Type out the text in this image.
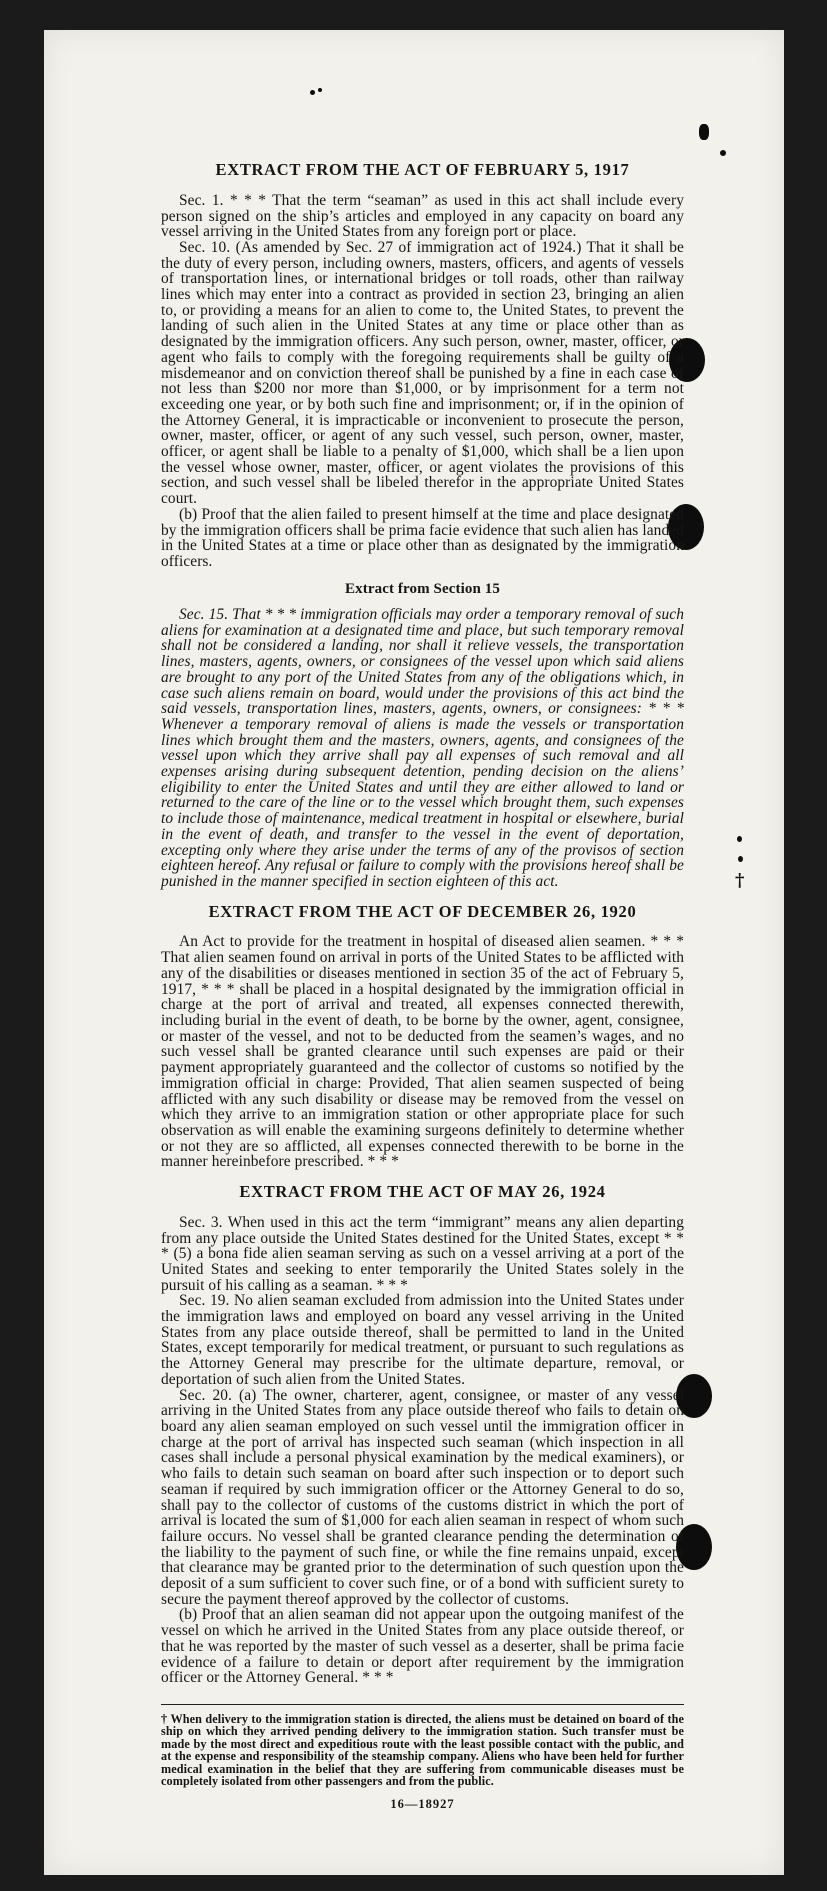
†
EXTRACT FROM THE ACT OF FEBRUARY 5, 1917

Sec. 1. * * * That the term “seaman” as used in this act shall include every person signed on the ship’s articles and employed in any capacity on board any vessel arriving in the United States from any foreign port or place.

Sec. 10. (As amended by Sec. 27 of immigration act of 1924.) That it shall be the duty of every person, including owners, masters, officers, and agents of vessels of transportation lines, or international bridges or toll roads, other than railway lines which may enter into a contract as provided in section 23, bringing an alien to, or providing a means for an alien to come to, the United States, to prevent the landing of such alien in the United States at any time or place other than as designated by the immigration officers. Any such person, owner, master, officer, or agent who fails to comply with the foregoing requirements shall be guilty of a misdemeanor and on conviction thereof shall be punished by a fine in each case of not less than $200 nor more than $1,000, or by imprisonment for a term not exceeding one year, or by both such fine and imprisonment; or, if in the opinion of the Attorney General, it is impracticable or inconvenient to prosecute the person, owner, master, officer, or agent of any such vessel, such person, owner, master, officer, or agent shall be liable to a penalty of $1,000, which shall be a lien upon the vessel whose owner, master, officer, or agent violates the provisions of this section, and such vessel shall be libeled therefor in the appropriate United States court.

(b) Proof that the alien failed to present himself at the time and place designated by the immigration officers shall be prima facie evidence that such alien has landed in the United States at a time or place other than as designated by the immigration officers.

Extract from Section 15

Sec. 15. That * * * immigration officials may order a temporary removal of such aliens for examination at a designated time and place, but such temporary removal shall not be considered a landing, nor shall it relieve vessels, the transportation lines, masters, agents, owners, or consignees of the vessel upon which said aliens are brought to any port of the United States from any of the obligations which, in case such aliens remain on board, would under the provisions of this act bind the said vessels, transportation lines, masters, agents, owners, or consignees: * * * Whenever a temporary removal of aliens is made the vessels or transportation lines which brought them and the masters, owners, agents, and consignees of the vessel upon which they arrive shall pay all expenses of such removal and all expenses arising during subsequent detention, pending decision on the aliens’ eligibility to enter the United States and until they are either allowed to land or returned to the care of the line or to the vessel which brought them, such expenses to include those of maintenance, medical treatment in hospital or elsewhere, burial in the event of death, and transfer to the vessel in the event of deportation, excepting only where they arise under the terms of any of the provisos of section eighteen hereof. Any refusal or failure to comply with the provisions hereof shall be punished in the manner specified in section eighteen of this act.

EXTRACT FROM THE ACT OF DECEMBER 26, 1920

An Act to provide for the treatment in hospital of diseased alien seamen. * * * That alien seamen found on arrival in ports of the United States to be afflicted with any of the disabilities or diseases mentioned in section 35 of the act of February 5, 1917, * * * shall be placed in a hospital designated by the immigration official in charge at the port of arrival and treated, all expenses connected therewith, including burial in the event of death, to be borne by the owner, agent, consignee, or master of the vessel, and not to be deducted from the seamen’s wages, and no such vessel shall be granted clearance until such expenses are paid or their payment appropriately guaranteed and the collector of customs so notified by the immigration official in charge: Provided, That alien seamen suspected of being afflicted with any such disability or disease may be removed from the vessel on which they arrive to an immigration station or other appropriate place for such observation as will enable the examining surgeons definitely to determine whether or not they are so afflicted, all expenses connected therewith to be borne in the manner hereinbefore prescribed. * * *

EXTRACT FROM THE ACT OF MAY 26, 1924

Sec. 3. When used in this act the term “immigrant” means any alien departing from any place outside the United States destined for the United States, except * * * (5) a bona fide alien seaman serving as such on a vessel arriving at a port of the United States and seeking to enter temporarily the United States solely in the pursuit of his calling as a seaman. * * *

Sec. 19. No alien seaman excluded from admission into the United States under the immigration laws and employed on board any vessel arriving in the United States from any place outside thereof, shall be permitted to land in the United States, except temporarily for medical treatment, or pursuant to such regulations as the Attorney General may prescribe for the ultimate departure, removal, or deportation of such alien from the United States.

Sec. 20. (a) The owner, charterer, agent, consignee, or master of any vessel arriving in the United States from any place outside thereof who fails to detain on board any alien seaman employed on such vessel until the immigration officer in charge at the port of arrival has inspected such seaman (which inspection in all cases shall include a personal physical examination by the medical examiners), or who fails to detain such seaman on board after such inspection or to deport such seaman if required by such immigration officer or the Attorney General to do so, shall pay to the collector of customs of the customs district in which the port of arrival is located the sum of $1,000 for each alien seaman in respect of whom such failure occurs. No vessel shall be granted clearance pending the determination of the liability to the payment of such fine, or while the fine remains unpaid, except that clearance may be granted prior to the determination of such question upon the deposit of a sum sufficient to cover such fine, or of a bond with sufficient surety to secure the payment thereof approved by the collector of customs.

(b) Proof that an alien seaman did not appear upon the outgoing manifest of the vessel on which he arrived in the United States from any place outside thereof, or that he was reported by the master of such vessel as a deserter, shall be prima facie evidence of a failure to detain or deport after requirement by the immigration officer or the Attorney General. * * *

† When delivery to the immigration station is directed, the aliens must be detained on board of the ship on which they arrived pending delivery to the immigration station. Such transfer must be made by the most direct and expeditious route with the least possible contact with the public, and at the expense and responsibility of the steamship company. Aliens who have been held for further medical examination in the belief that they are suffering from communicable diseases must be completely isolated from other passengers and from the public.
16—18927
